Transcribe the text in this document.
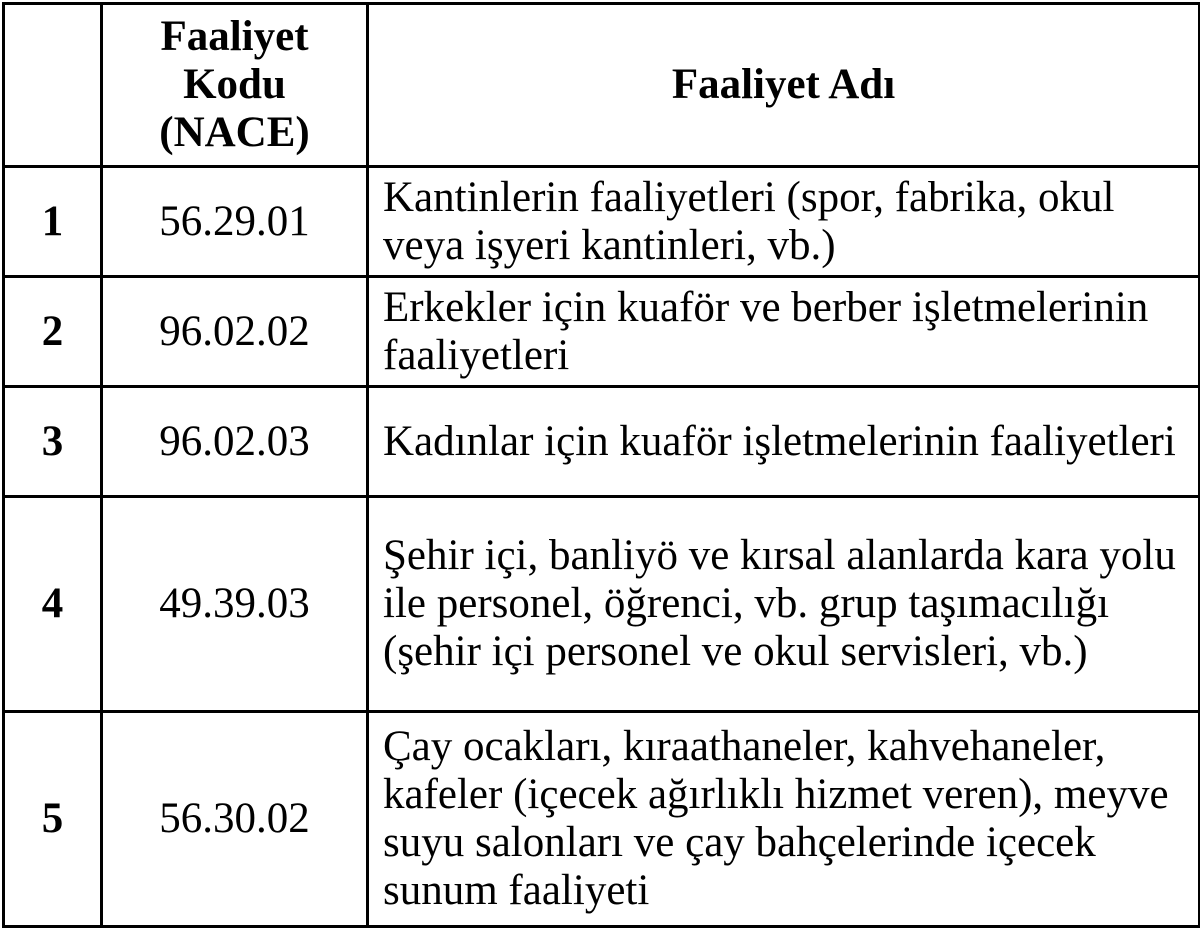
	Faaliyet
Kodu
(NACE)	Faaliyet Adı
1	56.29.01	Kantinlerin faaliyetleri (spor, fabrika, okul veya işyeri kantinleri, vb.)
2	96.02.02	Erkekler için kuaför ve berber işletmelerinin faaliyetleri
3	96.02.03	Kadınlar için kuaför işletmelerinin faaliyetleri
4	49.39.03	Şehir içi, banliyö ve kırsal alanlarda kara yolu ile personel, öğrenci, vb. grup taşımacılığı (şehir içi personel ve okul servisleri, vb.)
5	56.30.02	Çay ocakları, kıraathaneler, kahvehaneler, kafeler (içecek ağırlıklı hizmet veren), meyve suyu salonları ve çay bahçelerinde içecek sunum faaliyeti
